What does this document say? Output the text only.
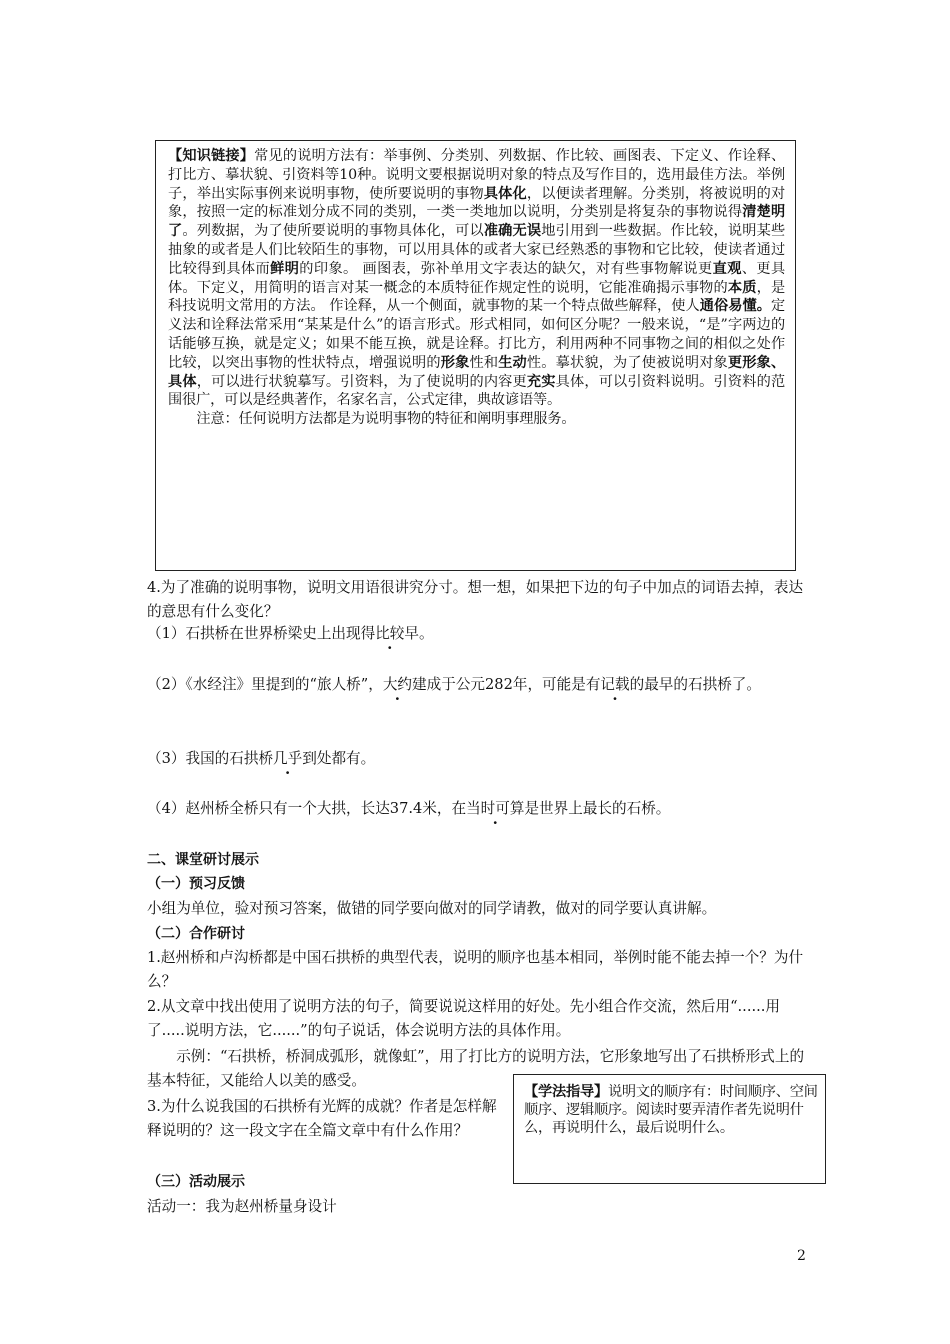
【知识链接】常见的说明方法有：举事例、分类别、列数据、作比较、画图表、下定义、作诠释、打比方、摹状貌、引资料等10种。说明文要根据说明对象的特点及写作目的，选用最佳方法。举例子，举出实际事例来说明事物，使所要说明的事物具体化，以便读者理解。分类别，将被说明的对象，按照一定的标准划分成不同的类别，一类一类地加以说明，分类别是将复杂的事物说得清楚明了。列数据，为了使所要说明的事物具体化，可以准确无误地引用到一些数据。作比较，说明某些抽象的或者是人们比较陌生的事物，可以用具体的或者大家已经熟悉的事物和它比较，使读者通过比较得到具体而鲜明的印象。 画图表，弥补单用文字表达的缺欠，对有些事物解说更直观、更具体。下定义，用简明的语言对某一概念的本质特征作规定性的说明，它能准确揭示事物的本质，是科技说明文常用的方法。 作诠释，从一个侧面，就事物的某一个特点做些解释，使人通俗易懂。定义法和诠释法常采用“某某是什么”的语言形式。形式相同，如何区分呢？一般来说，“是”字两边的话能够互换，就是定义；如果不能互换，就是诠释。打比方，利用两种不同事物之间的相似之处作比较，以突出事物的性状特点，增强说明的形象性和生动性。摹状貌，为了使被说明对象更形象、具体，可以进行状貌摹写。引资料，为了使说明的内容更充实具体，可以引资料说明。引资料的范围很广，可以是经典著作，名家名言，公式定律，典故谚语等。

注意：任何说明方法都是为说明事物的特征和阐明事理服务。

4.为了准确的说明事物，说明文用语很讲究分寸。想一想，如果把下边的句子中加点的词语去掉，表达的意思有什么变化？

（1）石拱桥在世界桥梁史上出现得比较早。

（2）《水经注》里提到的“旅人桥”，大约建成于公元282年，可能是有记载的最早的 ·石拱桥了。

（3）我国的石拱桥几乎到处都有。

（4）赵州桥全桥只有一个大拱，长达37.4米，在当时可算是 ·世界上最长的石桥。

二、课堂研讨展示

（一）预习反馈

小组为单位，验对预习答案，做错的同学要向做对的同学请教，做对的同学要认真讲解。

（二）合作研讨

1.赵州桥和卢沟桥都是中国石拱桥的典型代表，说明的顺序也基本相同，举例时能不能去掉一个？为什么？

2.从文章中找出使用了说明方法的句子，简要说说这样用的好处。先小组合作交流，然后用“......用了.....说明方法，它......”的句子说话，体会说明方法的具体作用。

示例：“石拱桥，桥洞成弧形，就像虹”，用了打比方的说明方法，它形象地写出了石拱桥形式上的基本特征，又能给人以美的感受。

3.为什么说我国的石拱桥有光辉的成就？作者是怎样解释说明的？这一段文字在全篇文章中有什么作用？

（三）活动展示

活动一：我为赵州桥量身设计

【学法指导】说明文的顺序有：时间顺序、空间顺序、逻辑顺序。阅读时要弄清作者先说明什么，再说明什么，最后说明什么。
2
